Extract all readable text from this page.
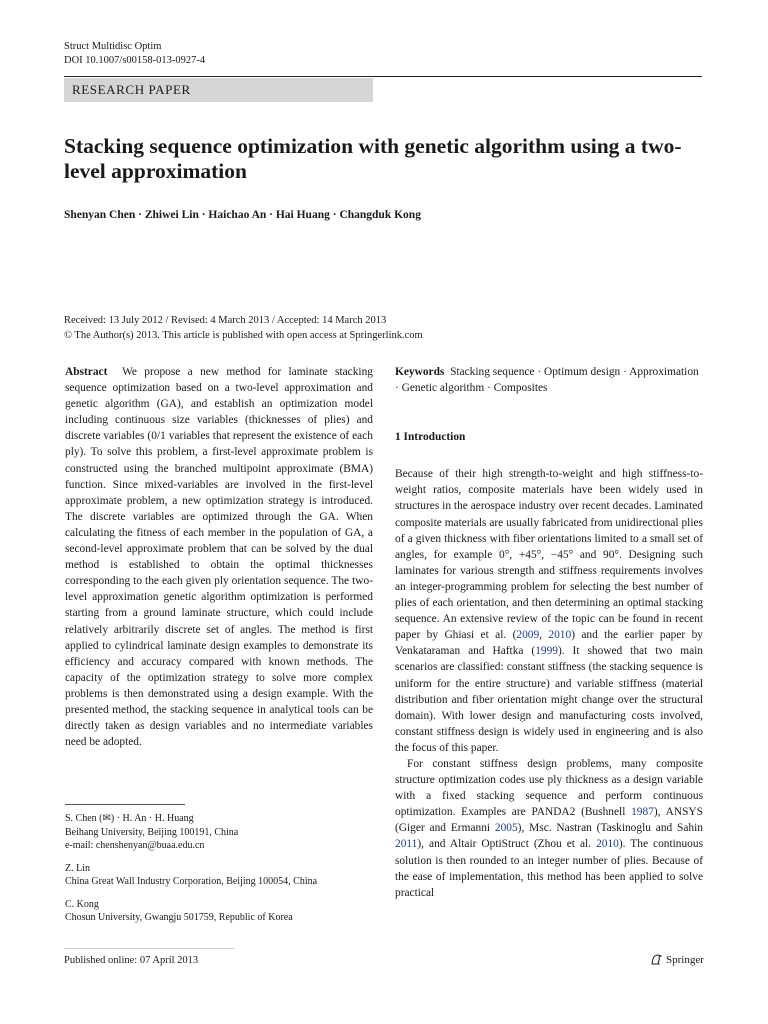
Struct Multidisc Optim
DOI 10.1007/s00158-013-0927-4
RESEARCH PAPER
Stacking sequence optimization with genetic algorithm using a two-level approximation
Shenyan Chen · Zhiwei Lin · Haichao An · Hai Huang · Changduk Kong
Received: 13 July 2012 / Revised: 4 March 2013 / Accepted: 14 March 2013
© The Author(s) 2013. This article is published with open access at Springerlink.com

Abstract We propose a new method for laminate stacking sequence optimization based on a two-level approximation and genetic algorithm (GA), and establish an optimization model including continuous size variables (thicknesses of plies) and discrete variables (0/1 variables that represent the existence of each ply). To solve this problem, a first-level approximate problem is constructed using the branched multipoint approximate (BMA) function. Since mixed-variables are involved in the first-level approximate problem, a new optimization strategy is introduced. The discrete variables are optimized through the GA. When calculating the fitness of each member in the population of GA, a second-level approximate problem that can be solved by the dual method is established to obtain the optimal thicknesses corresponding to the each given ply orientation sequence. The two-level approximation genetic algorithm optimization is performed starting from a ground laminate structure, which could include relatively arbitrarily discrete set of angles. The method is first applied to cylindrical laminate design examples to demonstrate its efficiency and accuracy compared with known methods. The capacity of the optimization strategy to solve more complex problems is then demonstrated using a design example. With the presented method, the stacking sequence in analytical tools can be directly taken as design variables and no intermediate variables need be adopted.

Keywords Stacking sequence · Optimum design · Approximation · Genetic algorithm · Composites

1 Introduction

Because of their high strength-to-weight and high stiffness-to-weight ratios, composite materials have been widely used in structures in the aerospace industry over recent decades. Laminated composite materials are usually fabricated from unidirectional plies of a given thickness with fiber orientations limited to a small set of angles, for example 0°, +45°, −45° and 90°. Designing such laminates for various strength and stiffness requirements involves an integer-programming problem for selecting the best number of plies of each orientation, and then determining an optimal stacking sequence. An extensive review of the topic can be found in recent paper by Ghiasi et al. (2009, 2010) and the earlier paper by Venkataraman and Haftka (1999). It showed that two main scenarios are classified: constant stiffness (the stacking sequence is uniform for the entire structure) and variable stiffness (material distribution and fiber orientation might change over the structural domain). With lower design and manufacturing costs involved, constant stiffness design is widely used in engineering and is also the focus of this paper.

For constant stiffness design problems, many composite structure optimization codes use ply thickness as a design variable with a fixed stacking sequence and perform continuous optimization. Examples are PANDA2 (Bushnell 1987), ANSYS (Giger and Ermanni 2005), Msc. Nastran (Taskinoglu and Sahin 2011), and Altair OptiStruct (Zhou et al. 2010). The continuous solution is then rounded to an integer number of plies. Because of the ease of implementation, this method has been applied to solve practical

S. Chen (✉) · H. An · H. Huang
Beihang University, Beijing 100191, China
e-mail: chenshenyan@buaa.edu.cn
Z. Lin
China Great Wall Industry Corporation, Beijing 100054, China
C. Kong
Chosun University, Gwangju 501759, Republic of Korea
Published online: 07 April 2013	Springer
